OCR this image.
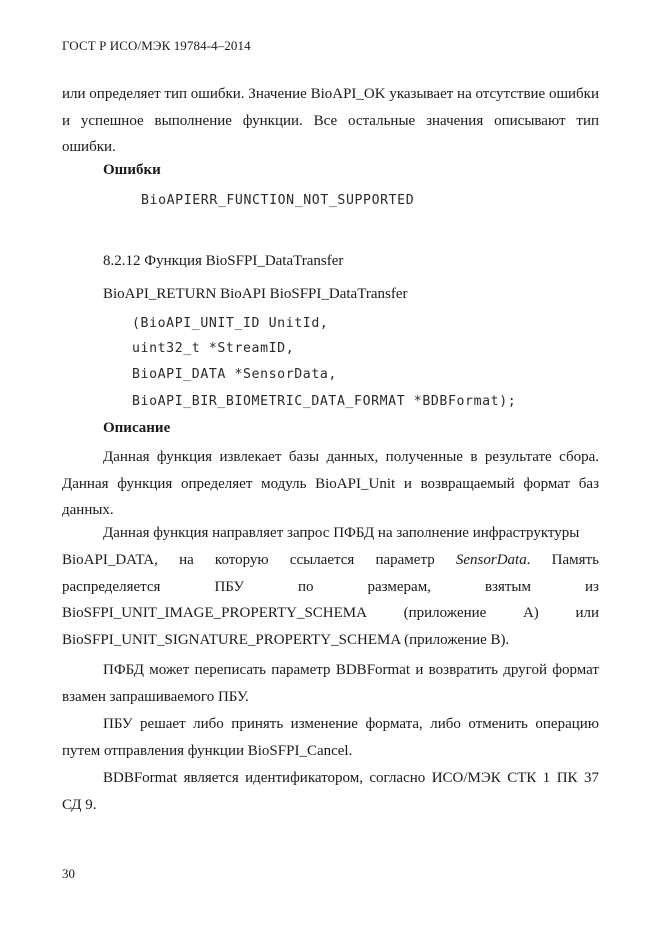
ГОСТ Р ИСО/МЭК 19784-4–2014
или определяет тип ошибки. Значение BioAPI_OK указывает на отсутствие ошибки и успешное выполнение функции. Все остальные значения описывают тип ошибки.
Ошибки
BioAPIERR_FUNCTION_NOT_SUPPORTED
8.2.12 Функция BioSFPI_DataTransfer
BioAPI_RETURN BioAPI BioSFPI_DataTransfer
(BioAPI_UNIT_ID UnitId,
uint32_t *StreamID,
BioAPI_DATA *SensorData,
BioAPI_BIR_BIOMETRIC_DATA_FORMAT *BDBFormat);
Описание
Данная функция извлекает базы данных, полученные в результате сбора. Данная функция определяет модуль BioAPI_Unit и возвращаемый формат баз данных.
Данная функция направляет запрос ПФБД на заполнение инфраструктуры
BioAPI_DATA, на которую ссылается параметр SensorData. Память
распределяется	ПБУ	по	размерам,	взятым	из
BioSFPI_UNIT_IMAGE_PROPERTY_SCHEMA (приложение A) или
BioSFPI_UNIT_SIGNATURE_PROPERTY_SCHEMA (приложение B).
ПФБД может переписать параметр BDBFormat и возвратить другой формат взамен запрашиваемого ПБУ.
ПБУ решает либо принять изменение формата, либо отменить операцию путем отправления функции BioSFPI_Cancel.
BDBFormat является идентификатором, согласно ИСО/МЭК СТК 1 ПК 37 СД 9.
30
